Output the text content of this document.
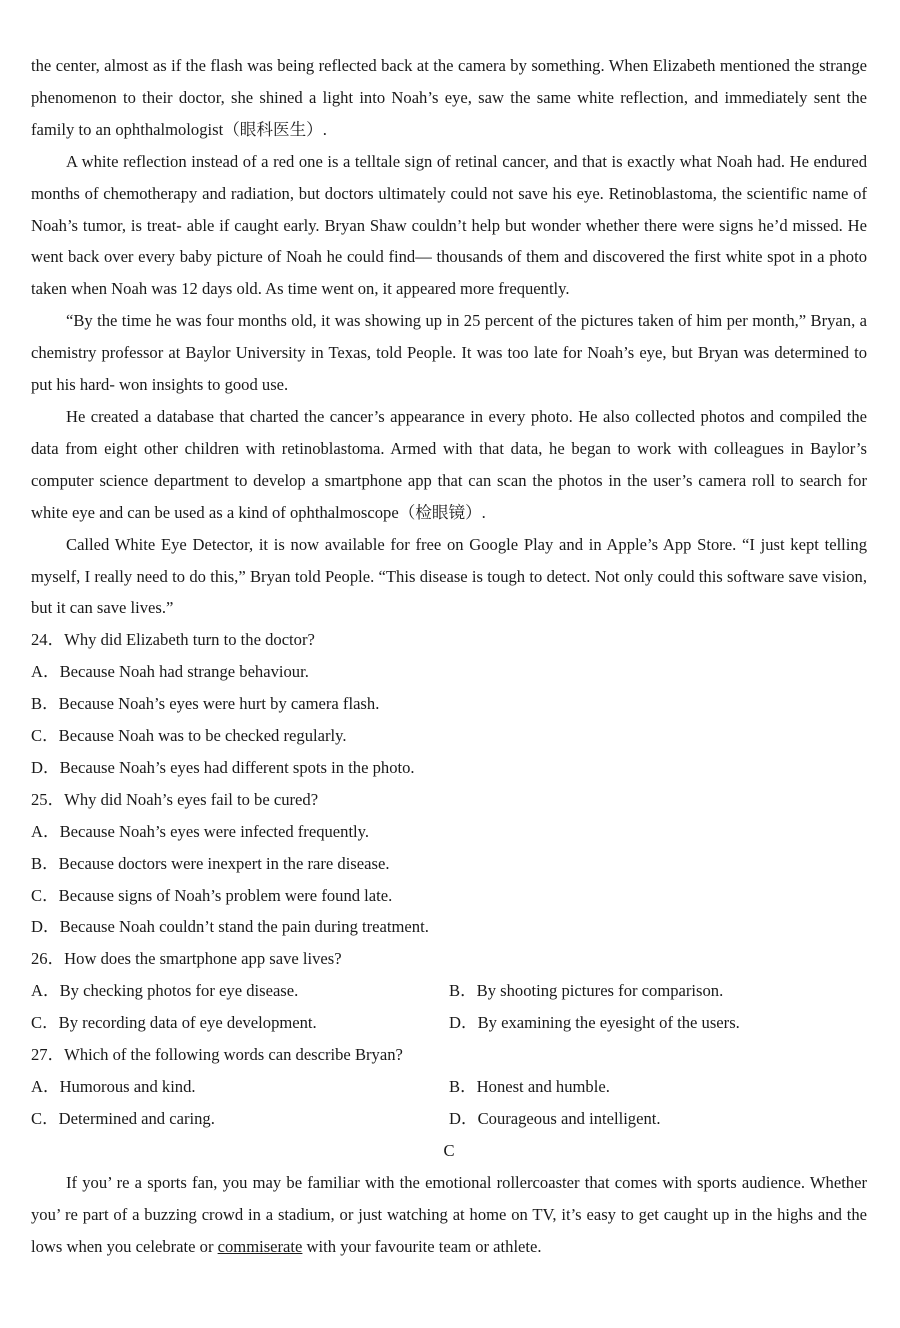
the center, almost as if the flash was being reflected back at the camera by something. When Elizabeth mentioned the strange phenomenon to their doctor, she shined a light into Noah’s eye, saw the same white reflection, and immediately sent the family to an ophthalmologist（眼科医生）.

A white reflection instead of a red one is a telltale sign of retinal cancer, and that is exactly what Noah had. He endured months of chemotherapy and radiation, but doctors ultimately could not save his eye. Retinoblastoma, the scientific name of Noah’s tumor, is treat- able if caught early. Bryan Shaw couldn’t help but wonder whether there were signs he’d missed. He went back over every baby picture of Noah he could find— thousands of them and discovered the first white spot in a photo taken when Noah was 12 days old. As time went on, it appeared more frequently.

“By the time he was four months old, it was showing up in 25 percent of the pictures taken of him per month,” Bryan, a chemistry professor at Baylor University in Texas, told People. It was too late for Noah’s eye, but Bryan was determined to put his hard- won insights to good use.

He created a database that charted the cancer’s appearance in every photo. He also collected photos and compiled the data from eight other children with retinoblastoma. Armed with that data, he began to work with colleagues in Baylor’s computer science department to develop a smartphone app that can scan the photos in the user’s camera roll to search for white eye and can be used as a kind of ophthalmoscope（检眼镜）.

Called White Eye Detector, it is now available for free on Google Play and in Apple’s App Store. “I just kept telling myself, I really need to do this,” Bryan told People. “This disease is tough to detect. Not only could this software save vision, but it can save lives.”

24．Why did Elizabeth turn to the doctor?

A．Because Noah had strange behaviour.

B．Because Noah’s eyes were hurt by camera flash.

C．Because Noah was to be checked regularly.

D．Because Noah’s eyes had different spots in the photo.

25．Why did Noah’s eyes fail to be cured?

A．Because Noah’s eyes were infected frequently.

B．Because doctors were inexpert in the rare disease.

C．Because signs of Noah’s problem were found late.

D．Because Noah couldn’t stand the pain during treatment.

26．How does the smartphone app save lives?

A．By checking photos for eye disease.	B．By shooting pictures for comparison.

C．By recording data of eye development.	D．By examining the eyesight of the users.

27．Which of the following words can describe Bryan?

A．Humorous and kind.	B．Honest and humble.

C．Determined and caring.	D．Courageous and intelligent.

C

If you’ re a sports fan, you may be familiar with the emotional rollercoaster that comes with sports audience. Whether you’ re part of a buzzing crowd in a stadium, or just watching at home on TV, it’s easy to get caught up in the highs and the lows when you celebrate or commiserate with your favourite team or athlete.
